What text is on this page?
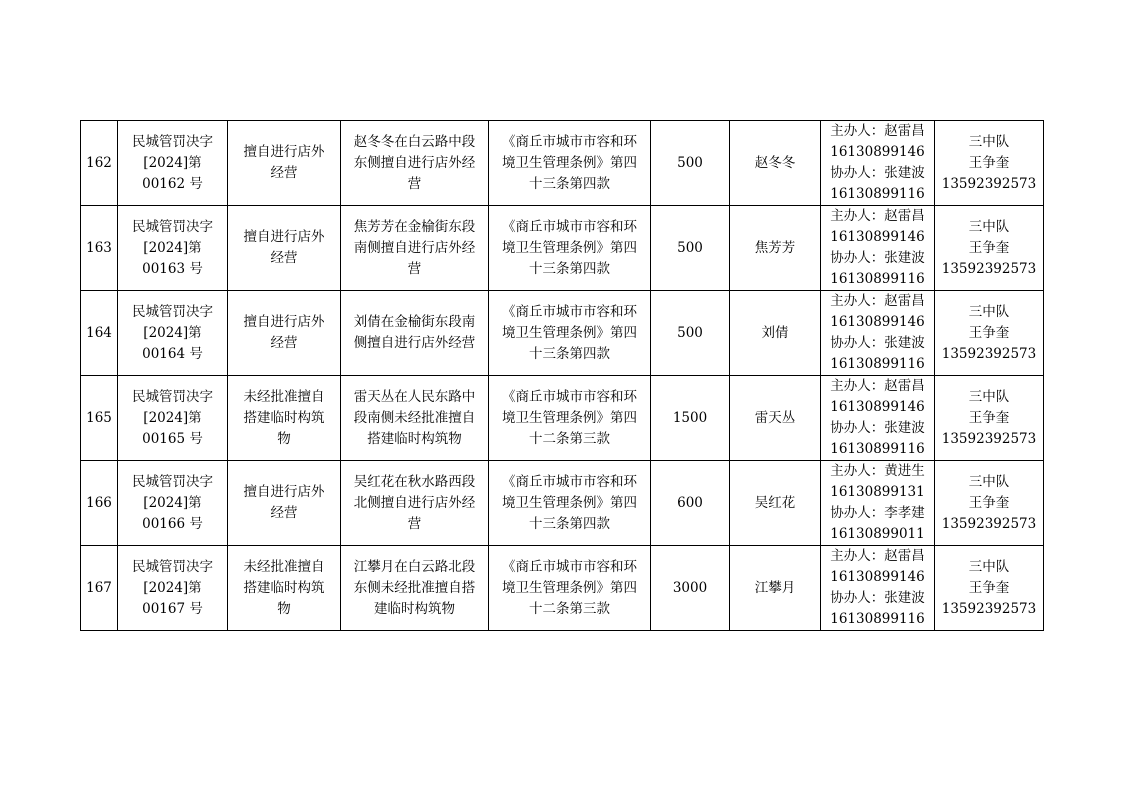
162	民城管罚决字
[2024]第
00162 号	擅自进行店外
经营	赵冬冬在白云路中段
东侧擅自进行店外经
营	《商丘市城市市容和环
境卫生管理条例》第四
十三条第四款	500	赵冬冬	主办人：赵雷昌
16130899146
协办人：张建波
16130899116	三中队
王争奎
13592392573
163	民城管罚决字
[2024]第
00163 号	擅自进行店外
经营	焦芳芳在金榆街东段
南侧擅自进行店外经
营	《商丘市城市市容和环
境卫生管理条例》第四
十三条第四款	500	焦芳芳	主办人：赵雷昌
16130899146
协办人：张建波
16130899116	三中队
王争奎
13592392573
164	民城管罚决字
[2024]第
00164 号	擅自进行店外
经营	刘倩在金榆街东段南
侧擅自进行店外经营	《商丘市城市市容和环
境卫生管理条例》第四
十三条第四款	500	刘倩	主办人：赵雷昌
16130899146
协办人：张建波
16130899116	三中队
王争奎
13592392573
165	民城管罚决字
[2024]第
00165 号	未经批准擅自
搭建临时构筑
物	雷天丛在人民东路中
段南侧未经批准擅自
搭建临时构筑物	《商丘市城市市容和环
境卫生管理条例》第四
十二条第三款	1500	雷天丛	主办人：赵雷昌
16130899146
协办人：张建波
16130899116	三中队
王争奎
13592392573
166	民城管罚决字
[2024]第
00166 号	擅自进行店外
经营	吴红花在秋水路西段
北侧擅自进行店外经
营	《商丘市城市市容和环
境卫生管理条例》第四
十三条第四款	600	吴红花	主办人：黄进生
16130899131
协办人：李孝建
16130899011	三中队
王争奎
13592392573
167	民城管罚决字
[2024]第
00167 号	未经批准擅自
搭建临时构筑
物	江攀月在白云路北段
东侧未经批准擅自搭
建临时构筑物	《商丘市城市市容和环
境卫生管理条例》第四
十二条第三款	3000	江攀月	主办人：赵雷昌
16130899146
协办人：张建波
16130899116	三中队
王争奎
13592392573
